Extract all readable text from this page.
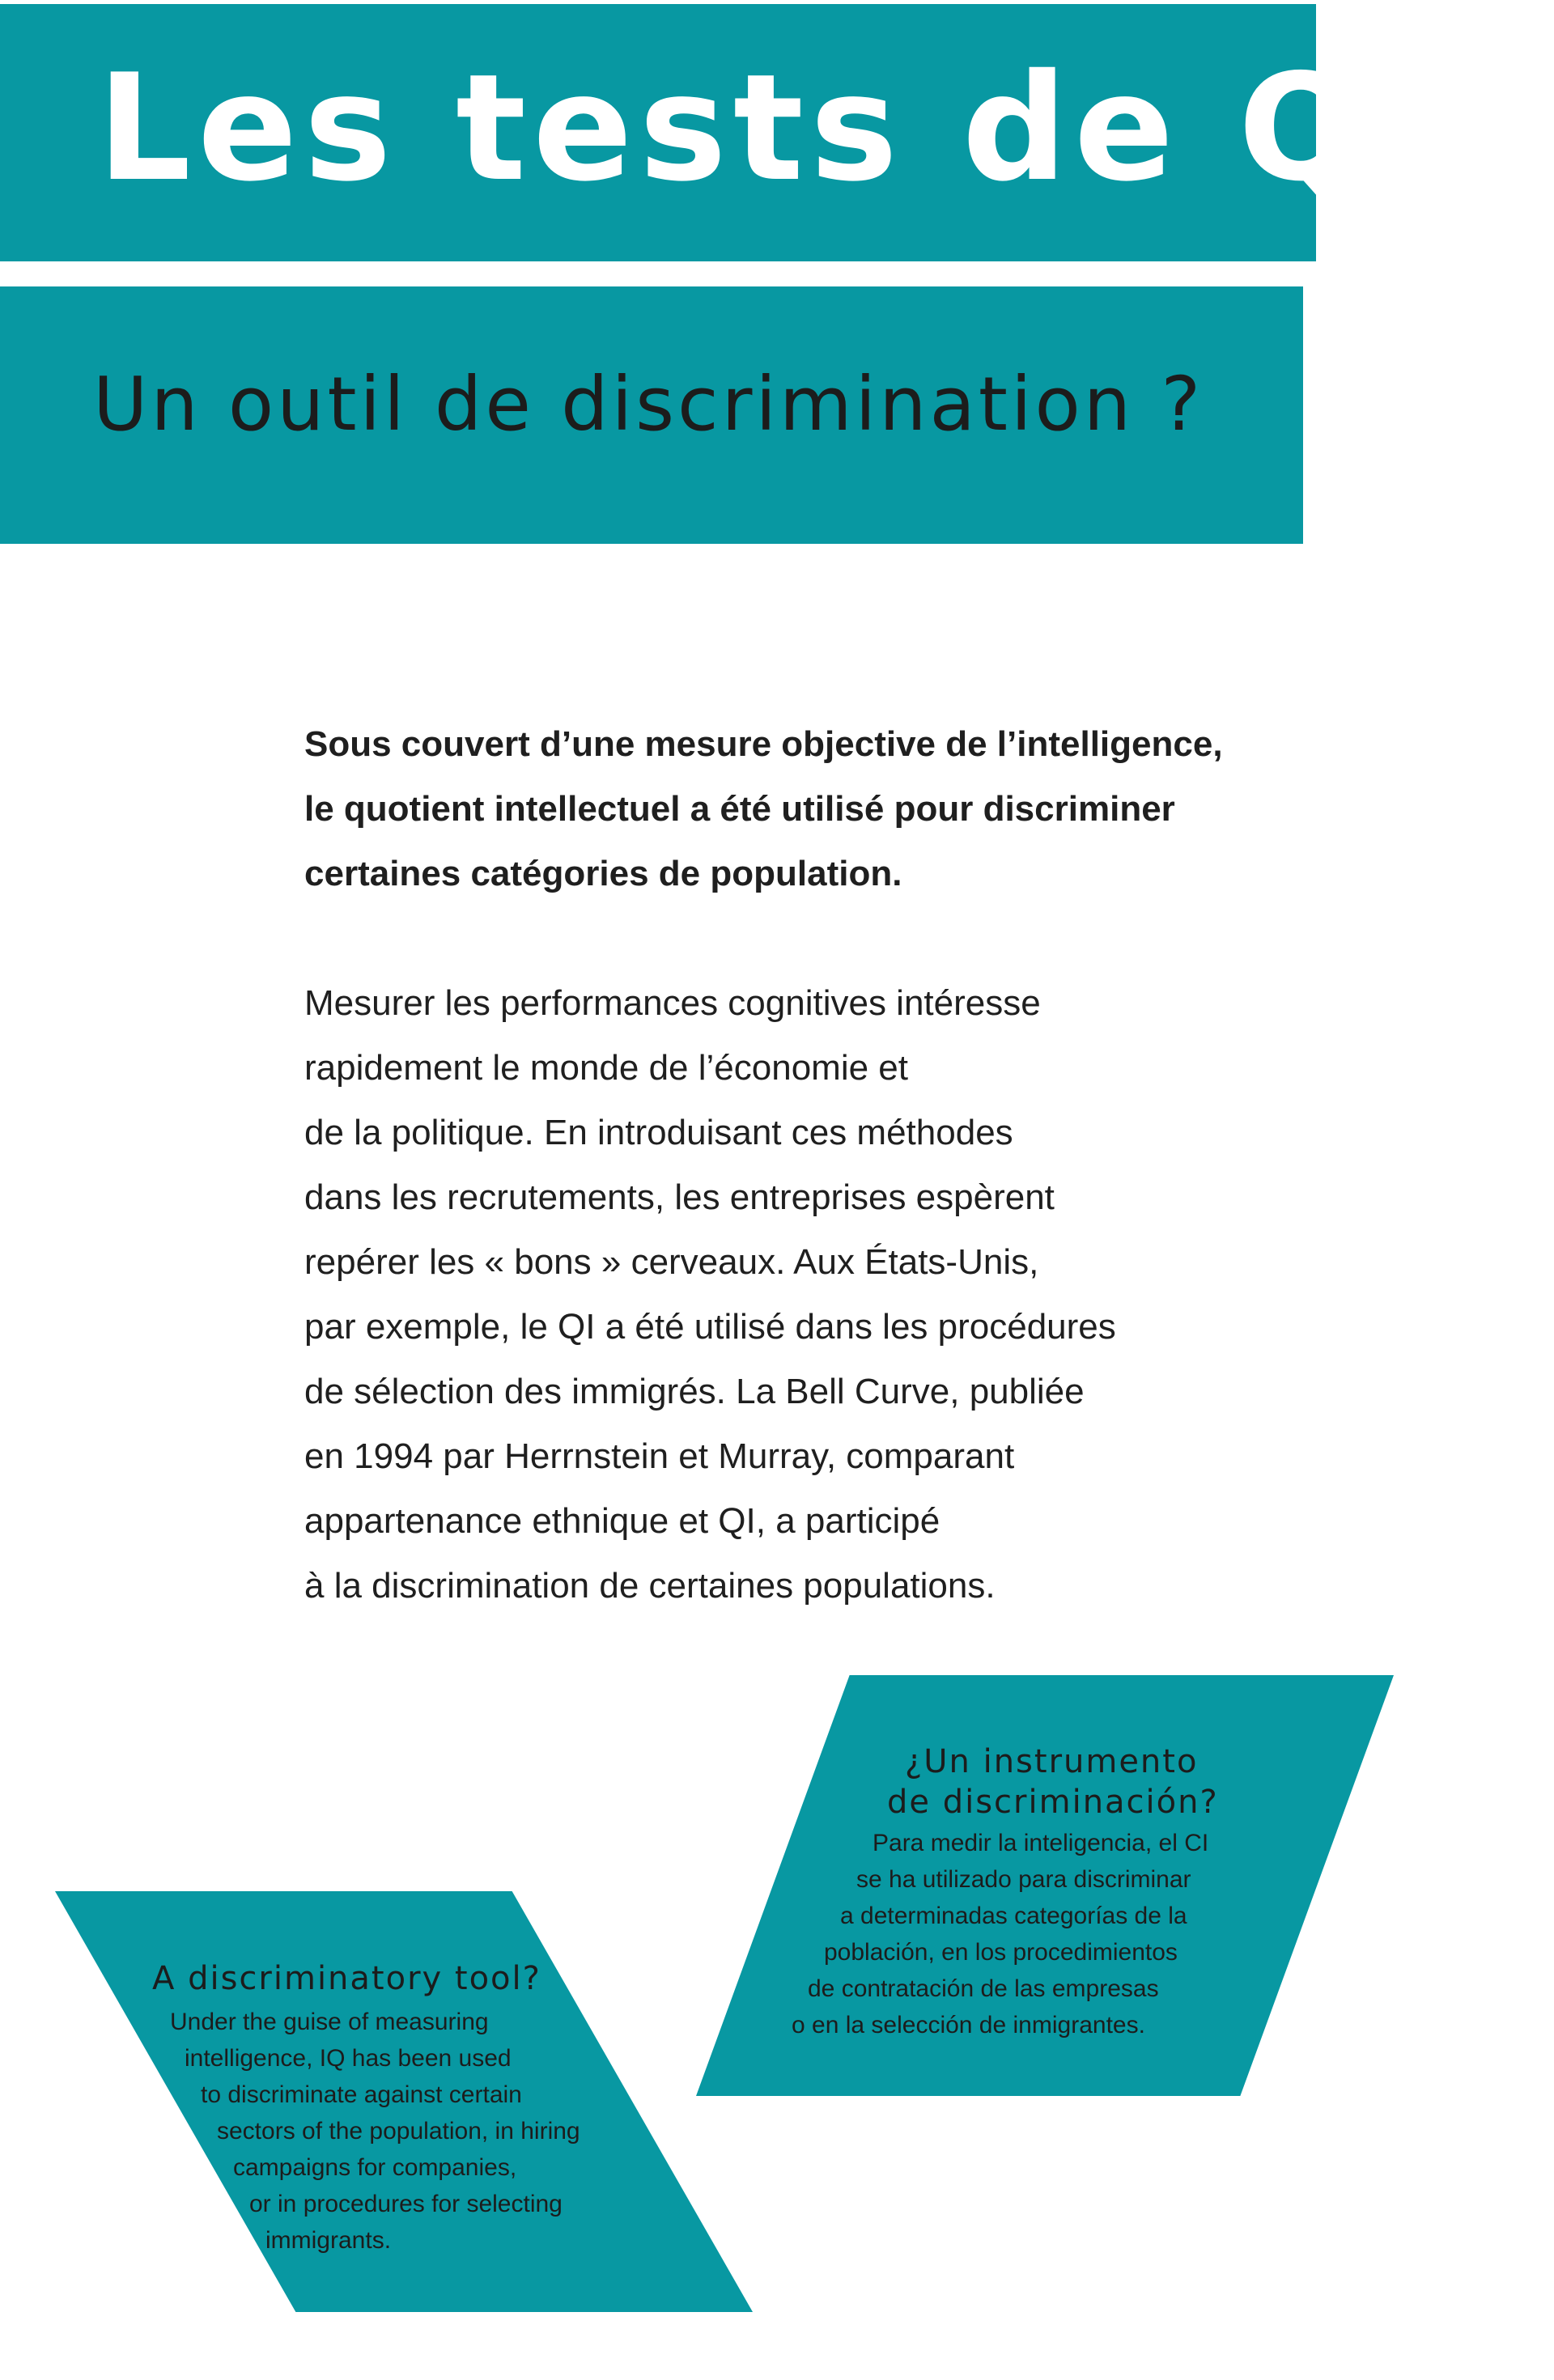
Les tests de QI
Un outil de discrimination ?
Sous couvert d’une mesure objective de l’intelligence,
le quotient intellectuel a été utilisé pour discriminer
certaines catégories de population.
Mesurer les performances cognitives intéresse
rapidement le monde de l’économie et
de la politique. En introduisant ces méthodes
dans les recrutements, les entreprises espèrent
repérer les « bons » cerveaux. Aux États-Unis,
par exemple, le QI a été utilisé dans les procédures
de sélection des immigrés. La Bell Curve, publiée
en 1994 par Herrnstein et Murray, comparant
appartenance ethnique et QI, a participé
à la discrimination de certaines populations.
A discriminatory tool?
Under the guise of measuring
intelligence, IQ has been used
to discriminate against certain
sectors of the population, in hiring
campaigns for companies,
or in procedures for selecting
immigrants.
¿Un instrumento
de discriminación?
Para medir la inteligencia, el CI
se ha utilizado para discriminar
a determinadas categorías de la
población, en los procedimientos
de contratación de las empresas
o en la selección de inmigrantes.
